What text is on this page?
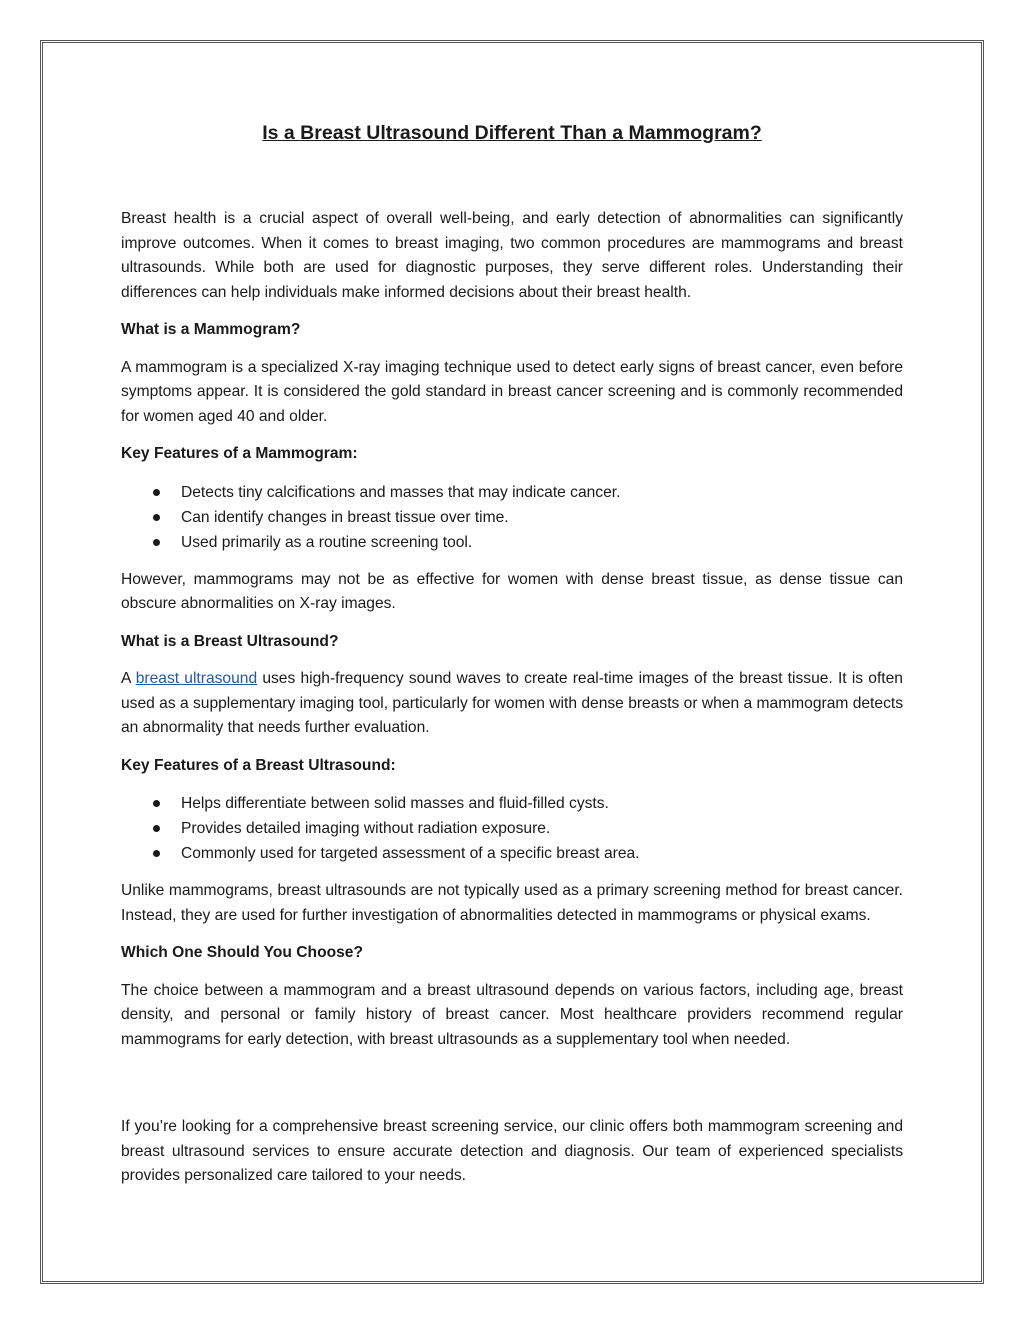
Is a Breast Ultrasound Different Than a Mammogram?

Breast health is a crucial aspect of overall well-being, and early detection of abnormalities can significantly improve outcomes. When it comes to breast imaging, two common procedures are mammograms and breast ultrasounds. While both are used for diagnostic purposes, they serve different roles. Understanding their differences can help individuals make informed decisions about their breast health.

What is a Mammogram?

A mammogram is a specialized X-ray imaging technique used to detect early signs of breast cancer, even before symptoms appear. It is considered the gold standard in breast cancer screening and is commonly recommended for women aged 40 and older.

Key Features of a Mammogram:
Detects tiny calcifications and masses that may indicate cancer.
Can identify changes in breast tissue over time.
Used primarily as a routine screening tool.

However, mammograms may not be as effective for women with dense breast tissue, as dense tissue can obscure abnormalities on X-ray images.

What is a Breast Ultrasound?

A breast ultrasound uses high-frequency sound waves to create real-time images of the breast tissue. It is often used as a supplementary imaging tool, particularly for women with dense breasts or when a mammogram detects an abnormality that needs further evaluation.

Key Features of a Breast Ultrasound:
Helps differentiate between solid masses and fluid-filled cysts.
Provides detailed imaging without radiation exposure.
Commonly used for targeted assessment of a specific breast area.

Unlike mammograms, breast ultrasounds are not typically used as a primary screening method for breast cancer. Instead, they are used for further investigation of abnormalities detected in mammograms or physical exams.

Which One Should You Choose?

The choice between a mammogram and a breast ultrasound depends on various factors, including age, breast density, and personal or family history of breast cancer. Most healthcare providers recommend regular mammograms for early detection, with breast ultrasounds as a supplementary tool when needed.

If you’re looking for a comprehensive breast screening service, our clinic offers both mammogram screening and breast ultrasound services to ensure accurate detection and diagnosis. Our team of experienced specialists provides personalized care tailored to your needs.
